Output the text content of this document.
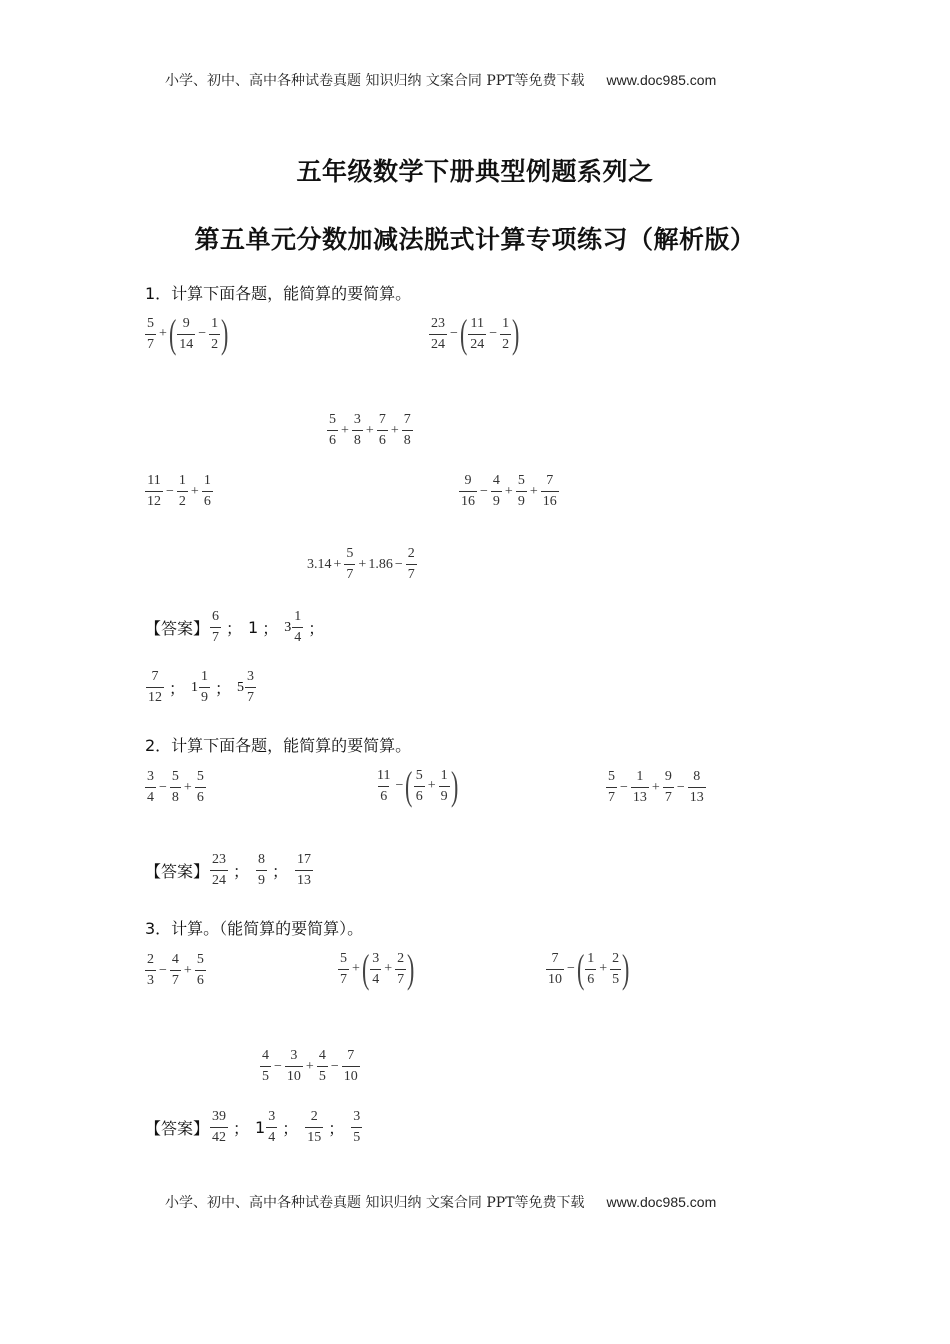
小学、初中、高中各种试卷真题 知识归纳 文案合同 PPT等免费下载 www.doc985.com
五年级数学下册典型例题系列之
第五单元分数加减法脱式计算专项练习（解析版）
1．计算下面各题，能简算的要简算。
$\frac{5}{7}$ + ( $\frac{9}{14} - \frac{1}{2}$ )	$\frac{23}{24}$ − ( $\frac{11}{24} - \frac{1}{2}$ )
$\frac{5}{6} + \frac{3}{8} + \frac{7}{6} + \frac{7}{8}$
$\frac{11}{12} - \frac{1}{2} + \frac{1}{6}$	$\frac{9}{16} - \frac{4}{9} + \frac{5}{9} + \frac{7}{16}$
$3.14 + \frac{5}{7} + 1.86 - \frac{2}{7}$
【答案】 $\frac{6}{7}$ ； 1 ； $3 \frac{1}{4}$ ；
$\frac{7}{12}$ ； $1 \frac{1}{9}$ ； $5 \frac{3}{7}$
2．计算下面各题，能简算的要简算。
$\frac{3}{4} - \frac{5}{8} + \frac{5}{6}$	$\frac{11}{6}$ − ( $\frac{5}{6} + \frac{1}{9}$ )	$\frac{5}{7} - \frac{1}{13} + \frac{9}{7} - \frac{8}{13}$
【答案】 $\frac{23}{24}$ ； $\frac{8}{9}$ ； $\frac{17}{13}$
3．计算。（能简算的要简算）。
$\frac{2}{3} - \frac{4}{7} + \frac{5}{6}$	$\frac{5}{7}$ + ( $\frac{3}{4} + \frac{2}{7}$ )	$\frac{7}{10}$ − ( $\frac{1}{6} + \frac{2}{5}$ )
$\frac{4}{5} - \frac{3}{10} + \frac{4}{5} - \frac{7}{10}$
【答案】 $\frac{39}{42}$ ； $1 \frac{3}{4}$ ； $\frac{2}{15}$ ； $\frac{3}{5}$
小学、初中、高中各种试卷真题 知识归纳 文案合同 PPT等免费下载 www.doc985.com
